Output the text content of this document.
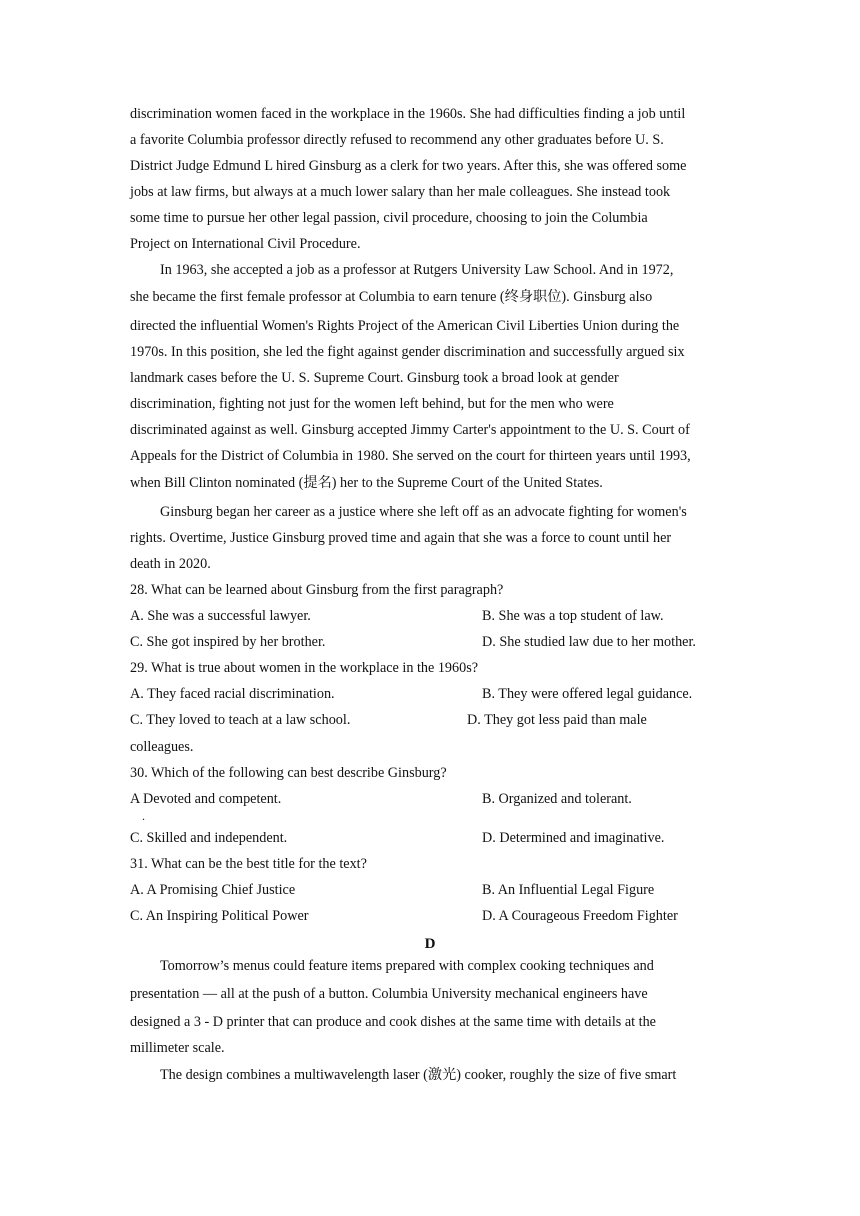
discrimination women faced in the workplace in the 1960s. She had difficulties finding a job until
a favorite Columbia professor directly refused to recommend any other graduates before U. S.
District Judge Edmund L hired Ginsburg as a clerk for two years. After this, she was offered some
jobs at law firms, but always at a much lower salary than her male colleagues. She instead took
some time to pursue her other legal passion, civil procedure, choosing to join the Columbia
Project on International Civil Procedure.
In 1963, she accepted a job as a professor at Rutgers University Law School. And in 1972,
she became the first female professor at Columbia to earn tenure (终身职位). Ginsburg also
directed the influential Women's Rights Project of the American Civil Liberties Union during the
1970s. In this position, she led the fight against gender discrimination and successfully argued six
landmark cases before the U. S. Supreme Court. Ginsburg took a broad look at gender
discrimination, fighting not just for the women left behind, but for the men who were
discriminated against as well. Ginsburg accepted Jimmy Carter's appointment to the U. S. Court of
Appeals for the District of Columbia in 1980. She served on the court for thirteen years until 1993,
when Bill Clinton nominated (提名) her to the Supreme Court of the United States.
Ginsburg began her career as a justice where she left off as an advocate fighting for women's
rights. Overtime, Justice Ginsburg proved time and again that she was a force to count until her
death in 2020.
28. What can be learned about Ginsburg from the first paragraph?
A. She was a successful lawyer.	B. She was a top student of law.
C. She got inspired by her brother.	D. She studied law due to her mother.
29. What is true about women in the workplace in the 1960s?
A. They faced racial discrimination.	B. They were offered legal guidance.
C. They loved to teach at a law school.	D. They got less paid than male
colleagues.
30. Which of the following can best describe Ginsburg?
A Devoted and competent.
.
B. Organized and tolerant.
C. Skilled and independent.	D. Determined and imaginative.
31. What can be the best title for the text?
A. A Promising Chief Justice	B. An Influential Legal Figure
C. An Inspiring Political Power	D. A Courageous Freedom Fighter
D
Tomorrow’s menus could feature items prepared with complex cooking techniques and
presentation — all at the push of a button. Columbia University mechanical engineers have
designed a 3 - D printer that can produce and cook dishes at the same time with details at the
millimeter scale.
The design combines a multiwavelength laser (激光) cooker, roughly the size of five smart
